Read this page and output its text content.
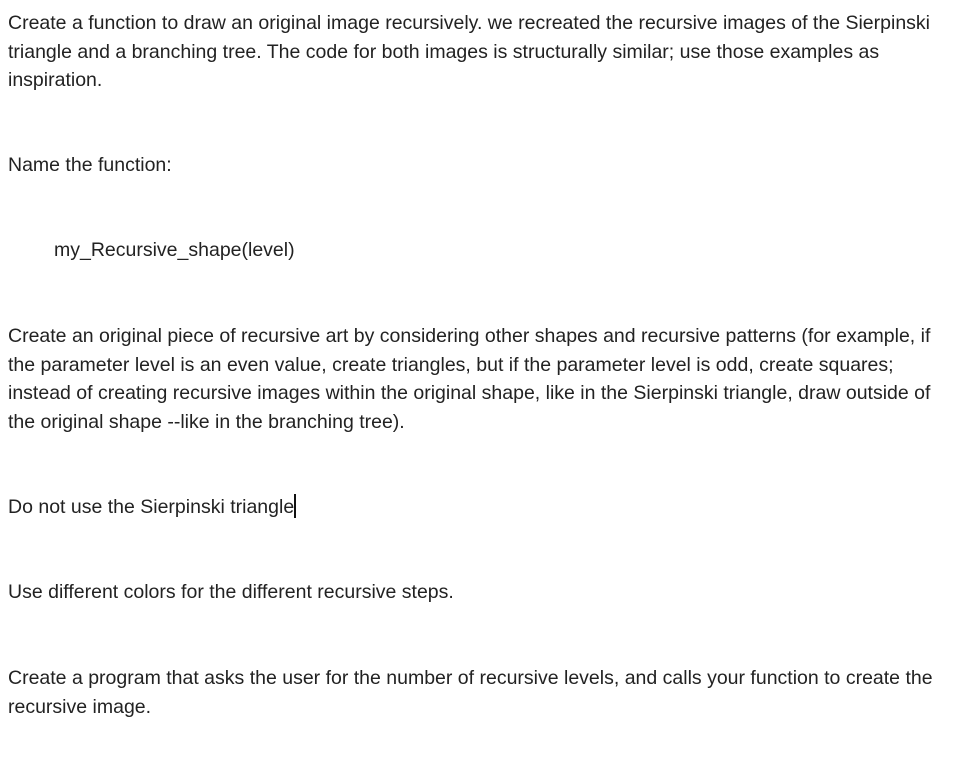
Create a function to draw an original image recursively. we recreated the recursive images of the Sierpinski triangle and a branching tree. The code for both images is structurally similar; use those examples as inspiration.

Name the function:

my_Recursive_shape(level)

Create an original piece of recursive art by considering other shapes and recursive patterns (for example, if the parameter level is an even value, create triangles, but if the parameter level is odd, create squares; instead of creating recursive images within the original shape, like in the Sierpinski triangle, draw outside of the original shape --like in the branching tree).

Do not use the Sierpinski triangle

Use different colors for the different recursive steps.

Create a program that asks the user for the number of recursive levels, and calls your function to create the recursive image.
